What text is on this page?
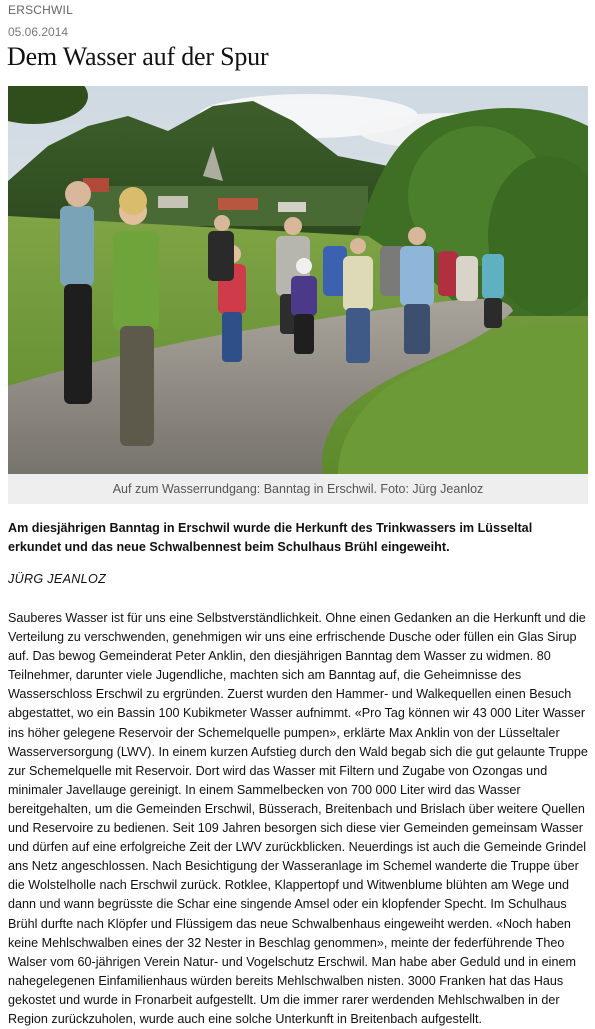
ERSCHWIL
05.06.2014
Dem Wasser auf der Spur
Auf zum Wasserrundgang: Banntag in Erschwil. Foto: Jürg Jeanloz

Am diesjährigen Banntag in Erschwil wurde die Herkunft des Trinkwassers im Lüsseltal erkundet und das neue Schwalbennest beim Schulhaus Brühl eingeweiht.

JÜRG JEANLOZ

Sauberes Wasser ist für uns eine Selbstverständlichkeit. Ohne einen Gedanken an die Herkunft und die Verteilung zu verschwenden, genehmigen wir uns eine erfrischende Dusche oder füllen ein Glas Sirup auf. Das bewog Gemeinderat Peter Anklin, den diesjährigen Banntag dem Wasser zu widmen. 80 Teilnehmer, darunter viele Jugendliche, machten sich am Banntag auf, die Geheimnisse des Wasserschloss Erschwil zu ergründen. Zuerst wurden den Hammer- und Walkequellen einen Besuch abgestattet, wo ein Bassin 100 Kubikmeter Wasser aufnimmt. «Pro Tag können wir 43 000 Liter Wasser ins höher gelegene Reservoir der Schemelquelle pumpen», erklärte Max Anklin von der Lüsseltaler Wasserversorgung (LWV). In einem kurzen Aufstieg durch den Wald begab sich die gut gelaunte Truppe zur Schemelquelle mit Reservoir. Dort wird das Wasser mit Filtern und Zugabe von Ozongas und minimaler Javellauge gereinigt. In einem Sammelbecken von 700 000 Liter wird das Wasser bereitgehalten, um die Gemeinden Erschwil, Büsserach, Breitenbach und Brislach über weitere Quellen und Reservoire zu bedienen. Seit 109 Jahren besorgen sich diese vier Gemeinden gemeinsam Wasser und dürfen auf eine erfolgreiche Zeit der LWV zurückblicken. Neuerdings ist auch die Gemeinde Grindel ans Netz angeschlossen. Nach Besichtigung der Wasseranlage im Schemel wanderte die Truppe über die Wolstelholle nach Erschwil zurück. Rotklee, Klappertopf und Witwenblume blühten am Wege und dann und wann begrüsste die Schar eine singende Amsel oder ein klopfender Specht. Im Schulhaus Brühl durfte nach Klöpfer und Flüssigem das neue Schwalbenhaus eingeweiht werden. «Noch haben keine Mehlschwalben eines der 32 Nester in Beschlag genommen», meinte der federführende Theo Walser vom 60-jährigen Verein Natur- und Vogelschutz Erschwil. Man habe aber Geduld und in einem nahegelegenen Einfamilienhaus würden bereits Mehlschwalben nisten. 3000 Franken hat das Haus gekostet und wurde in Fronarbeit aufgestellt. Um die immer rarer werdenden Mehlschwalben in der Region zurückzuholen, wurde auch eine solche Unterkunft in Breitenbach aufgestellt.
